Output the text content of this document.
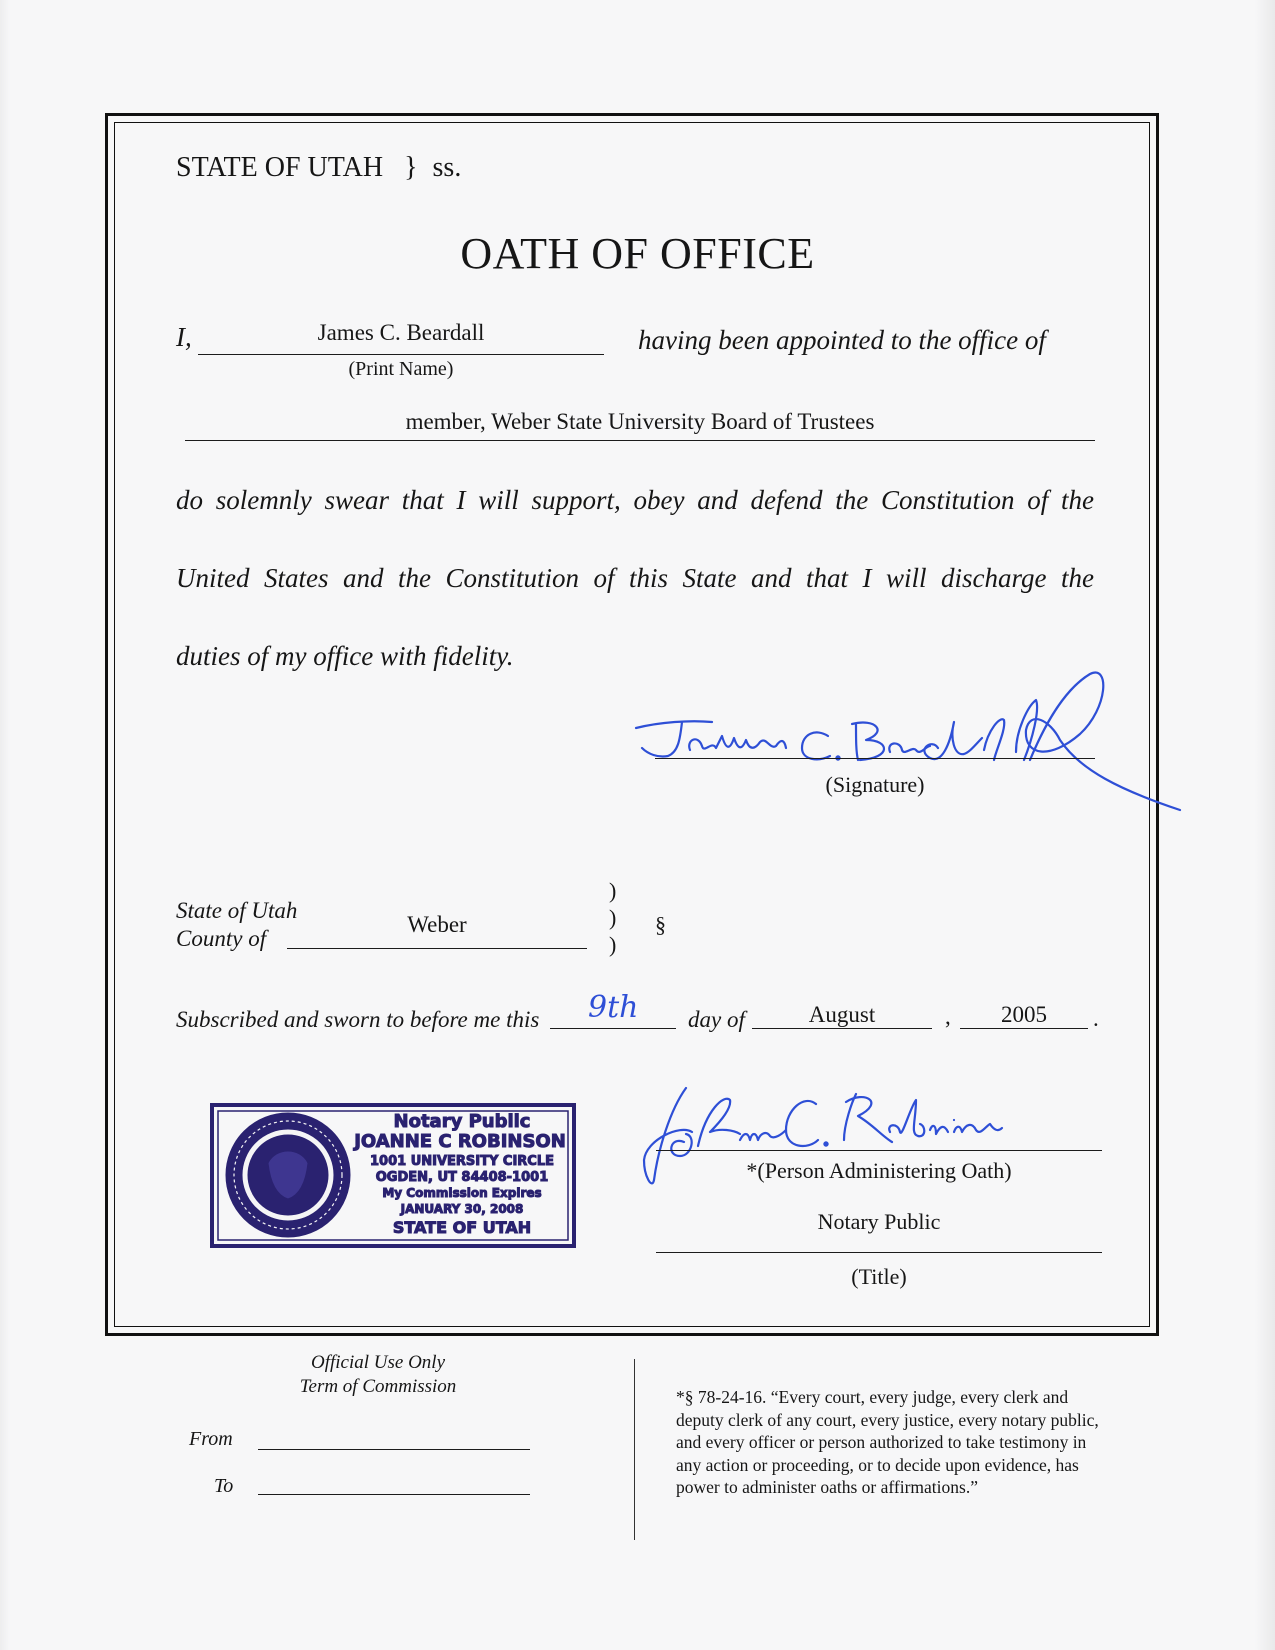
STATE OF UTAH } ss.
OATH OF OFFICE
I,	James C. Beardall
(Print Name)
having been appointed to the office of
member, Weber State University Board of Trustees
do solemnly swear that I will support, obey and defend the Constitution of the
United States and the Constitution of this State and that I will discharge the
duties of my office with fidelity.
(Signature)
State of Utah
County of
Weber
)
)
)
§
Subscribed and sworn to before me this 9th day of	August	,	2005	.
Notary Public
JOANNE C ROBINSON
1001 UNIVERSITY CIRCLE
OGDEN, UT 84408-1001
My Commission Expires
JANUARY 30, 2008
STATE OF UTAH
*(Person Administering Oath)
Notary Public
(Title)
Official Use Only
Term of Commission
From
To
*§ 78-24-16. “Every court, every judge, every clerk and
deputy clerk of any court, every justice, every notary public,
and every officer or person authorized to take testimony in
any action or proceeding, or to decide upon evidence, has
power to administer oaths or affirmations.”
